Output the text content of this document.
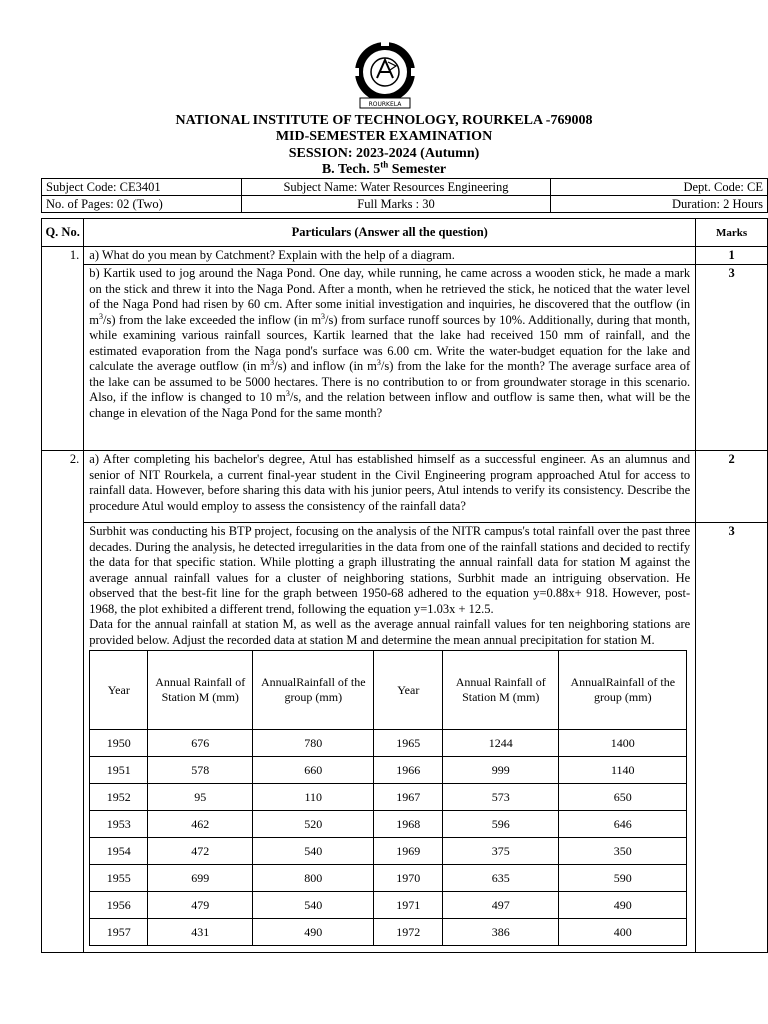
ROURKELA
NATIONAL INSTITUTE OF TECHNOLOGY, ROURKELA -769008
MID-SEMESTER EXAMINATION
SESSION: 2023-2024 (Autumn)
B. Tech. 5th Semester
Subject Code: CE3401	Subject Name: Water Resources Engineering	Dept. Code: CE
No. of Pages: 02 (Two)	Full Marks : 30	Duration: 2 Hours
Q. No.	Particulars (Answer all the question)	Marks
1.	a) What do you mean by Catchment? Explain with the help of a diagram.	1
b) Kartik used to jog around the Naga Pond. One day, while running, he came across a wooden stick, he made a mark on the stick and threw it into the Naga Pond. After a month, when he retrieved the stick, he noticed that the water level of the Naga Pond had risen by 60 cm. After some initial investigation and inquiries, he discovered that the outflow (in $m^3/s$) from the lake exceeded the inflow (in $m^3/s$) from surface runoff sources by 10%. Additionally, during that month, while examining various rainfall sources, Kartik learned that the lake had received 150 mm of rainfall, and the estimated evaporation from the Naga pond's surface was 6.00 cm. Write the water-budget equation for the lake and calculate the average outflow (in $m^3/s$) and inflow (in $m^3/s$) from the lake for the month? The average surface area of the lake can be assumed to be 5000 hectares. There is no contribution to or from groundwater storage in this scenario. Also, if the inflow is changed to 10 $m^3/s$, and the relation between inflow and outflow is same then, what will be the change in elevation of the Naga Pond for the same month?	3
2.	a) After completing his bachelor's degree, Atul has established himself as a successful engineer. As an alumnus and senior of NIT Rourkela, a current final-year student in the Civil Engineering program approached Atul for access to rainfall data. However, before sharing this data with his junior peers, Atul intends to verify its consistency. Describe the procedure Atul would employ to assess the consistency of the rainfall data?	2

Surbhit was conducting his BTP project, focusing on the analysis of the NITR campus's total rainfall over the past three decades. During the analysis, he detected irregularities in the data from one of the rainfall stations and decided to rectify the data for that specific station. While plotting a graph illustrating the annual rainfall data for station M against the average annual rainfall values for a cluster of neighboring stations, Surbhit made an intriguing observation. He observed that the best-fit line for the graph between 1950-68 adhered to the equation y=0.88x+ 918. However, post-1968, the plot exhibited a different trend, following the equation y=1.03x + 12.5.
Data for the annual rainfall at station M, as well as the average annual rainfall values for ten neighboring stations are provided below. Adjust the recorded data at station M and determine the mean annual precipitation for station M.
Year	Annual Rainfall of Station M (mm)	AnnualRainfall of the group (mm)	Year	Annual Rainfall of Station M (mm)	AnnualRainfall of the group (mm)
1950	676	780	1965	1244	1400
1951	578	660	1966	999	1140
1952	95	110	1967	573	650
1953	462	520	1968	596	646
1954	472	540	1969	375	350
1955	699	800	1970	635	590
1956	479	540	1971	497	490
1957	431	490	1972	386	400
	3
